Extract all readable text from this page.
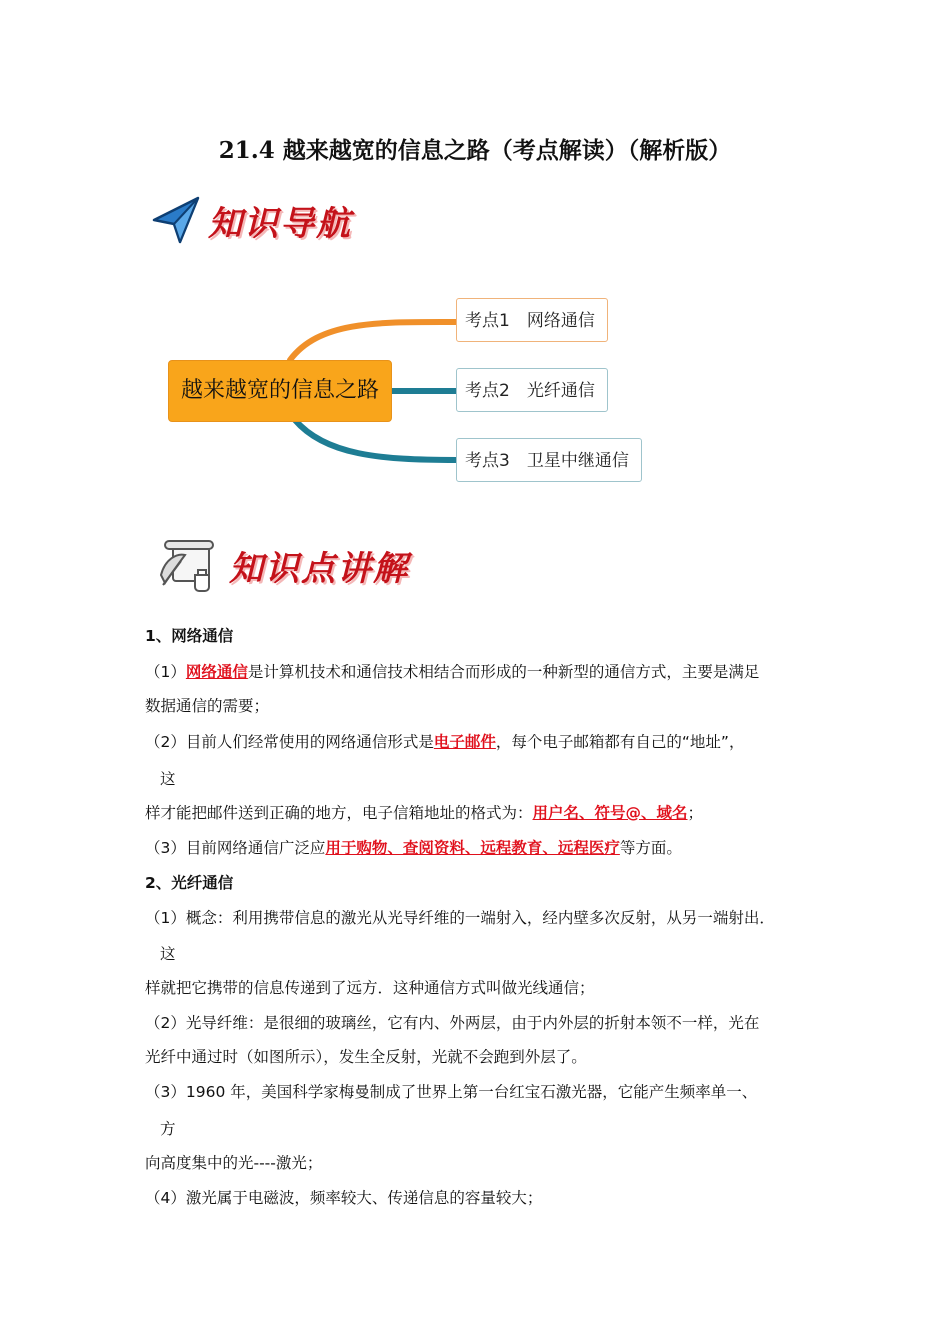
21.4 越来越宽的信息之路（考点解读）（解析版）
知识导航
越来越宽的信息之路
考点1　网络通信
考点2　光纤通信
考点3　卫星中继通信
知识点讲解
1、网络通信
（1）网络通信是计算机技术和通信技术相结合而形成的一种新型的通信方式，主要是满足
数据通信的需要；
（2）目前人们经常使用的网络通信形式是电子邮件，每个电子邮箱都有自己的“地址”，
这
样才能把邮件送到正确的地方，电子信箱地址的格式为：用户名、符号@、域名；
（3）目前网络通信广泛应用于购物、查阅资料、远程教育、远程医疗等方面。
2、光纤通信
（1）概念：利用携带信息的激光从光导纤维的一端射入，经内壁多次反射，从另一端射出．
这
样就把它携带的信息传递到了远方．这种通信方式叫做光线通信；
（2）光导纤维：是很细的玻璃丝，它有内、外两层，由于内外层的折射本领不一样，光在
光纤中通过时（如图所示），发生全反射，光就不会跑到外层了。
（3）1960 年，美国科学家梅曼制成了世界上第一台红宝石激光器，它能产生频率单一、
方
向高度集中的光----激光；
（4）激光属于电磁波，频率较大、传递信息的容量较大；
